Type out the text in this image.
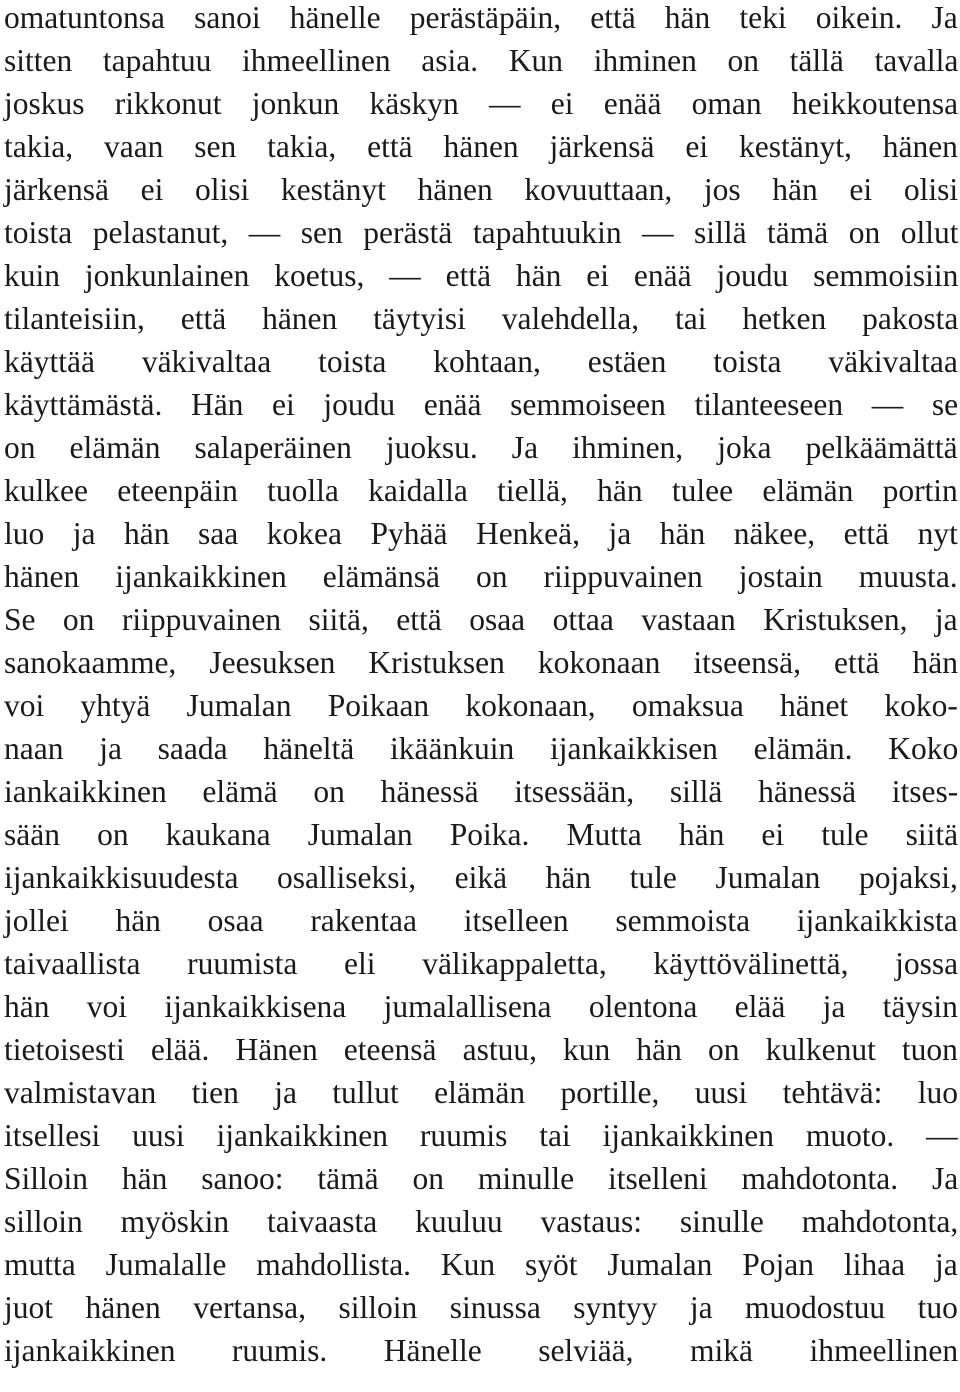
omatuntonsa sanoi hänelle perästäpäin, että hän teki oikein. Ja
sitten tapahtuu ihmeellinen asia. Kun ihminen on tällä tavalla
joskus rikkonut jonkun käskyn — ei enää oman heikkoutensa
takia, vaan sen takia, että hänen järkensä ei kestänyt, hänen
järkensä ei olisi kestänyt hänen kovuuttaan, jos hän ei olisi
toista pelastanut, — sen perästä tapahtuukin — sillä tämä on ollut
kuin jonkunlainen koetus, — että hän ei enää joudu semmoisiin
tilanteisiin, että hänen täytyisi valehdella, tai hetken pakosta
käyttää väkivaltaa toista kohtaan, estäen toista väkivaltaa
käyttämästä. Hän ei joudu enää semmoiseen tilanteeseen — se
on elämän salaperäinen juoksu. Ja ihminen, joka pelkäämättä
kulkee eteenpäin tuolla kaidalla tiellä, hän tulee elämän portin
luo ja hän saa kokea Pyhää Henkeä, ja hän näkee, että nyt
hänen ijankaikkinen elämänsä on riippuvainen jostain muusta.
Se on riippuvainen siitä, että osaa ottaa vastaan Kristuksen, ja
sanokaamme, Jeesuksen Kristuksen kokonaan itseensä, että hän
voi yhtyä Jumalan Poikaan kokonaan, omaksua hänet koko-
naan ja saada häneltä ikäänkuin ijankaikkisen elämän. Koko
iankaikkinen elämä on hänessä itsessään, sillä hänessä itses-
sään on kaukana Jumalan Poika. Mutta hän ei tule siitä
ijankaikkisuudesta osalliseksi, eikä hän tule Jumalan pojaksi,
jollei hän osaa rakentaa itselleen semmoista ijankaikkista
taivaallista ruumista eli välikappaletta, käyttövälinettä, jossa
hän voi ijankaikkisena jumalallisena olentona elää ja täysin
tietoisesti elää. Hänen eteensä astuu, kun hän on kulkenut tuon
valmistavan tien ja tullut elämän portille, uusi tehtävä: luo
itsellesi uusi ijankaikkinen ruumis tai ijankaikkinen muoto. —
Silloin hän sanoo: tämä on minulle itselleni mahdotonta. Ja
silloin myöskin taivaasta kuuluu vastaus: sinulle mahdotonta,
mutta Jumalalle mahdollista. Kun syöt Jumalan Pojan lihaa ja
juot hänen vertansa, silloin sinussa syntyy ja muodostuu tuo
ijankaikkinen ruumis. Hänelle selviää, mikä ihmeellinen
